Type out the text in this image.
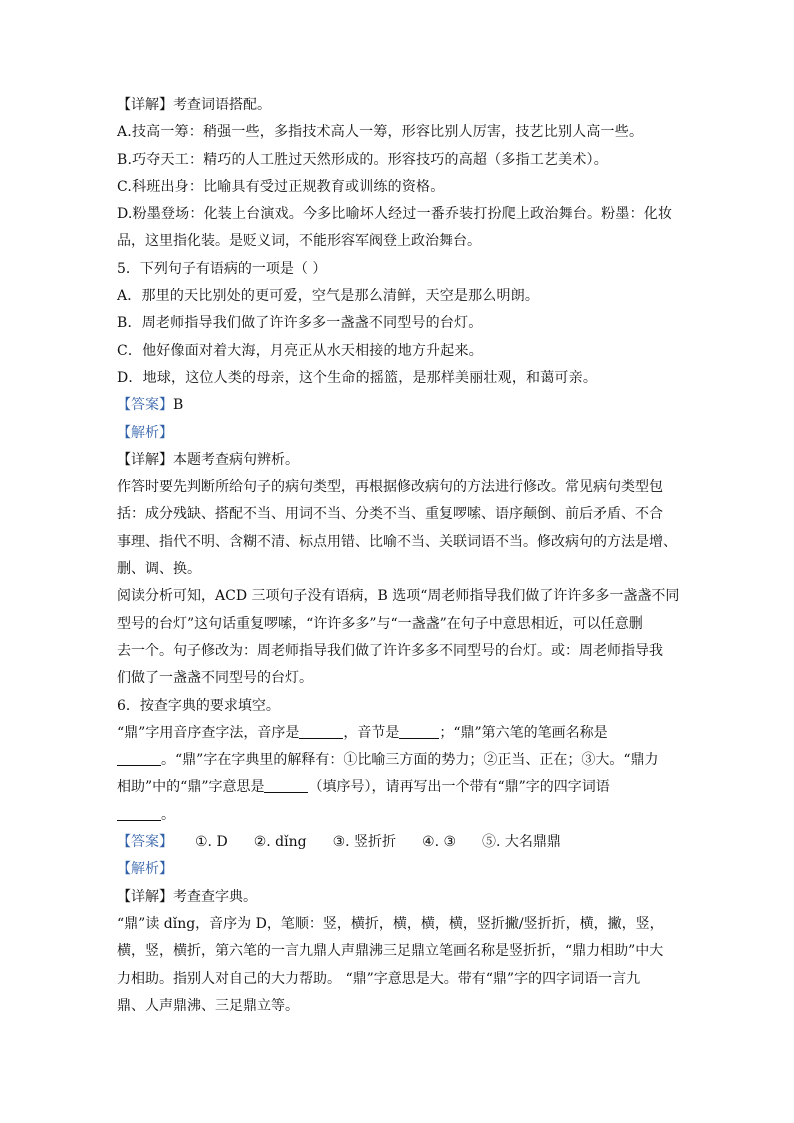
【详解】考查词语搭配。
A.技高一筹：稍强一些，多指技术高人一筹，形容比别人厉害，技艺比别人高一些。
B.巧夺天工：精巧的人工胜过天然形成的。形容技巧的高超（多指工艺美术）。
C.科班出身：比喻具有受过正规教育或训练的资格。
D.粉墨登场：化装上台演戏。今多比喻坏人经过一番乔装打扮爬上政治舞台。粉墨：化妆
品，这里指化装。是贬义词，不能形容军阀登上政治舞台。
5．下列句子有语病的一项是（ ）
A．那里的天比别处的更可爱，空气是那么清鲜，天空是那么明朗。
B．周老师指导我们做了许许多多一盏盏不同型号的台灯。
C．他好像面对着大海，月亮正从水天相接的地方升起来。
D．地球，这位人类的母亲，这个生命的摇篮，是那样美丽壮观，和蔼可亲。
【答案】B
【解析】
【详解】本题考查病句辨析。
作答时要先判断所给句子的病句类型，再根据修改病句的方法进行修改。常见病句类型包
括：成分残缺、搭配不当、用词不当、分类不当、重复啰嗦、语序颠倒、前后矛盾、不合
事理、指代不明、含糊不清、标点用错、比喻不当、关联词语不当。修改病句的方法是增、
删、调、换。
阅读分析可知，ACD 三项句子没有语病，B 选项“周老师指导我们做了许许多多一盏盏不同
型号的台灯”这句话重复啰嗦，“许许多多”与“一盏盏”在句子中意思相近，可以任意删
去一个。句子修改为：周老师指导我们做了许许多多不同型号的台灯。或：周老师指导我
们做了一盏盏不同型号的台灯。
6．按查字典的要求填空。
“鼎”字用音序查字法，音序是	，音节是	；“鼎”第六笔的笔画名称是
。“鼎”字在字典里的解释有：①比喻三方面的势力；②正当、正在；③大。“鼎力
相助”中的“鼎”字意思是	（填序号），请再写出一个带有“鼎”字的四字词语
。
【答案】 ①. D ②. dǐng ③. 竖折折 ④. ③ ⑤. 大名鼎鼎
【解析】
【详解】考查查字典。
“鼎”读 dǐng，音序为 D，笔顺：竖，横折，横，横，横，竖折撇/竖折折，横，撇，竖，
横，竖，横折，第六笔的一言九鼎人声鼎沸三足鼎立笔画名称是竖折折，“鼎力相助”中大
力相助。指别人对自己的大力帮助。 “鼎”字意思是大。带有“鼎”字的四字词语一言九
鼎、人声鼎沸、三足鼎立等。
